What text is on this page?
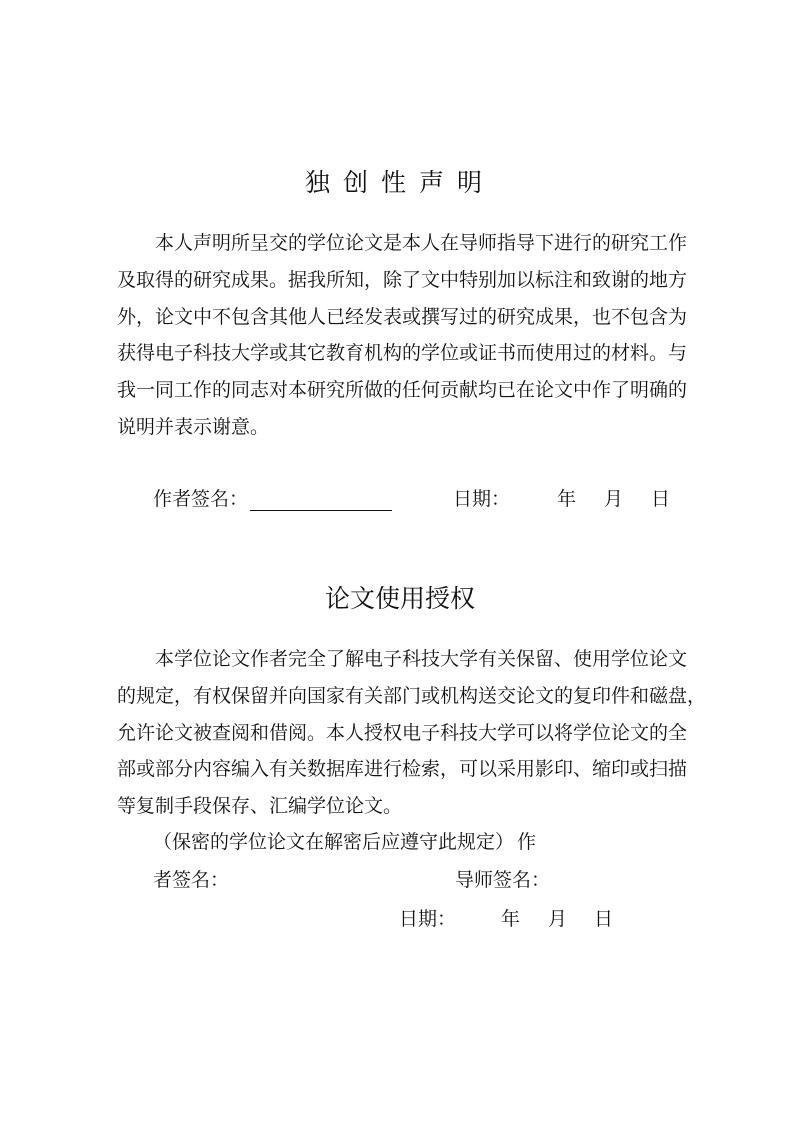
独创性声明
本人声明所呈交的学位论文是本人在导师指导下进行的研究工作
及取得的研究成果。据我所知，除了文中特别加以标注和致谢的地方
外，论文中不包含其他人已经发表或撰写过的研究成果，也不包含为
获得电子科技大学或其它教育机构的学位或证书而使用过的材料。与
我一同工作的同志对本研究所做的任何贡献均已在论文中作了明确的
说明并表示谢意。
作者签名：	日期： 年 月 日
论文使用授权
本学位论文作者完全了解电子科技大学有关保留、使用学位论文
的规定，有权保留并向国家有关部门或机构送交论文的复印件和磁盘，
允许论文被查阅和借阅。本人授权电子科技大学可以将学位论文的全
部或部分内容编入有关数据库进行检索，可以采用影印、缩印或扫描
等复制手段保存、汇编学位论文。
（保密的学位论文在解密后应遵守此规定） 作
者签名：	导师签名：
日期： 年 月 日
